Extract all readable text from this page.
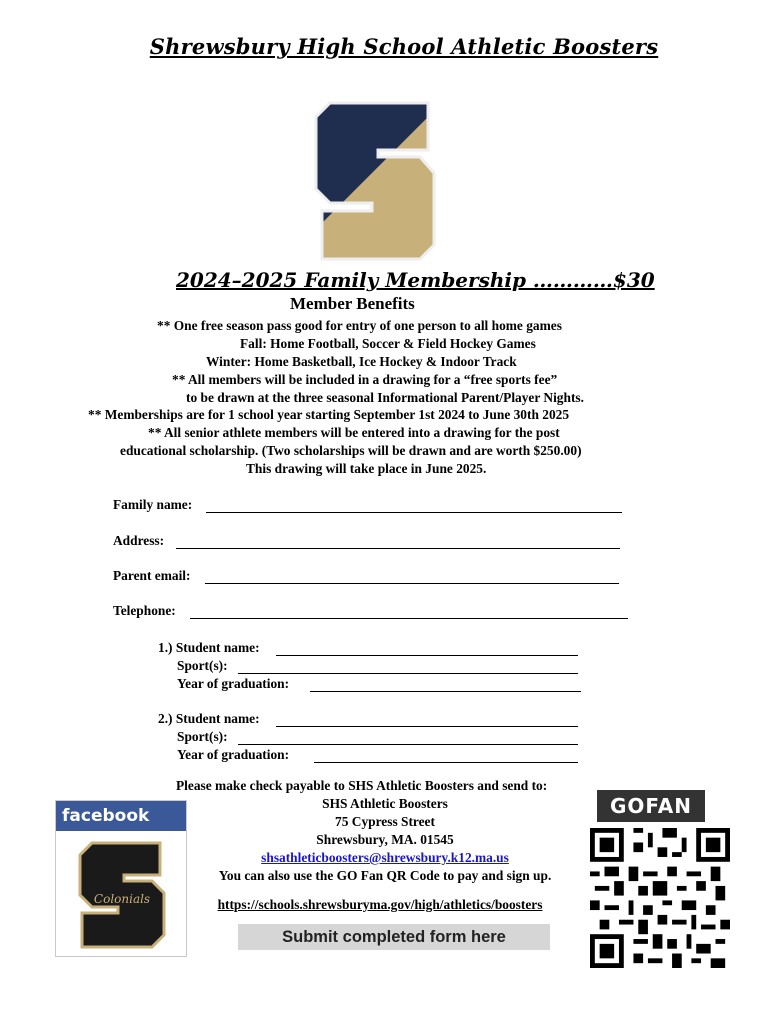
Shrewsbury High School Athletic Boosters
2024–2025 Family Membership …………$30
Member Benefits
** One free season pass good for entry of one person to all home games
Fall: Home Football, Soccer & Field Hockey Games
Winter: Home Basketball, Ice Hockey & Indoor Track
** All members will be included in a drawing for a “free sports fee”
to be drawn at the three seasonal Informational Parent/Player Nights.
** Memberships are for 1 school year starting September 1st 2024 to June 30th 2025
** All senior athlete members will be entered into a drawing for the post
educational scholarship. (Two scholarships will be drawn and are worth $250.00)
This drawing will take place in June 2025.
Family name:
Address:
Parent email:
Telephone:
1.) Student name:
Sport(s):
Year of graduation:
2.) Student name:
Sport(s):
Year of graduation:
Please make check payable to SHS Athletic Boosters and send to:
SHS Athletic Boosters
75 Cypress Street
Shrewsbury, MA. 01545
shsathleticboosters@shrewsbury.k12.ma.us
You can also use the GO Fan QR Code to pay and sign up.
https://schools.shrewsburyma.gov/high/athletics/boosters
facebook
Colonials
GOFAN
Submit completed form here
